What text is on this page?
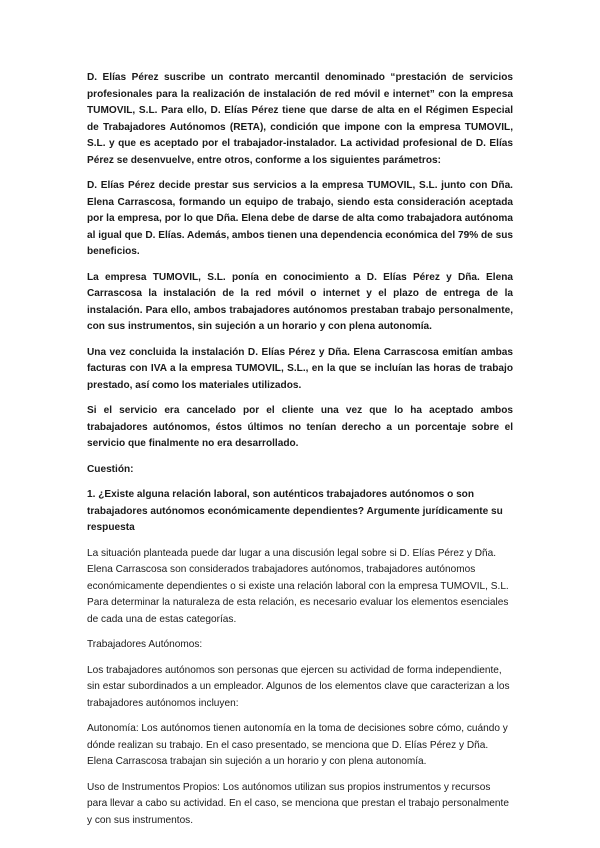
D. Elías Pérez suscribe un contrato mercantil denominado “prestación de servicios profesionales para la realización de instalación de red móvil e internet” con la empresa TUMOVIL, S.L. Para ello, D. Elías Pérez tiene que darse de alta en el Régimen Especial de Trabajadores Autónomos (RETA), condición que impone con la empresa TUMOVIL, S.L. y que es aceptado por el trabajador-instalador. La actividad profesional de D. Elías Pérez se desenvuelve, entre otros, conforme a los siguientes parámetros:

D. Elías Pérez decide prestar sus servicios a la empresa TUMOVIL, S.L. junto con Dña. Elena Carrascosa, formando un equipo de trabajo, siendo esta consideración aceptada por la empresa, por lo que Dña. Elena debe de darse de alta como trabajadora autónoma al igual que D. Elías. Además, ambos tienen una dependencia económica del 79% de sus beneficios.

La empresa TUMOVIL, S.L. ponía en conocimiento a D. Elías Pérez y Dña. Elena Carrascosa la instalación de la red móvil o internet y el plazo de entrega de la instalación. Para ello, ambos trabajadores autónomos prestaban trabajo personalmente, con sus instrumentos, sin sujeción a un horario y con plena autonomía.

Una vez concluida la instalación D. Elías Pérez y Dña. Elena Carrascosa emitían ambas facturas con IVA a la empresa TUMOVIL, S.L., en la que se incluían las horas de trabajo prestado, así como los materiales utilizados.

Si el servicio era cancelado por el cliente una vez que lo ha aceptado ambos trabajadores autónomos, éstos últimos no tenían derecho a un porcentaje sobre el servicio que finalmente no era desarrollado.

Cuestión:

1. ¿Existe alguna relación laboral, son auténticos trabajadores autónomos o son trabajadores autónomos económicamente dependientes? Argumente jurídicamente su respuesta

La situación planteada puede dar lugar a una discusión legal sobre si D. Elías Pérez y Dña. Elena Carrascosa son considerados trabajadores autónomos, trabajadores autónomos económicamente dependientes o si existe una relación laboral con la empresa TUMOVIL, S.L. Para determinar la naturaleza de esta relación, es necesario evaluar los elementos esenciales de cada una de estas categorías.

Trabajadores Autónomos:

Los trabajadores autónomos son personas que ejercen su actividad de forma independiente, sin estar subordinados a un empleador. Algunos de los elementos clave que caracterizan a los trabajadores autónomos incluyen:

Autonomía: Los autónomos tienen autonomía en la toma de decisiones sobre cómo, cuándo y dónde realizan su trabajo. En el caso presentado, se menciona que D. Elías Pérez y Dña. Elena Carrascosa trabajan sin sujeción a un horario y con plena autonomía.

Uso de Instrumentos Propios: Los autónomos utilizan sus propios instrumentos y recursos para llevar a cabo su actividad. En el caso, se menciona que prestan el trabajo personalmente y con sus instrumentos.
